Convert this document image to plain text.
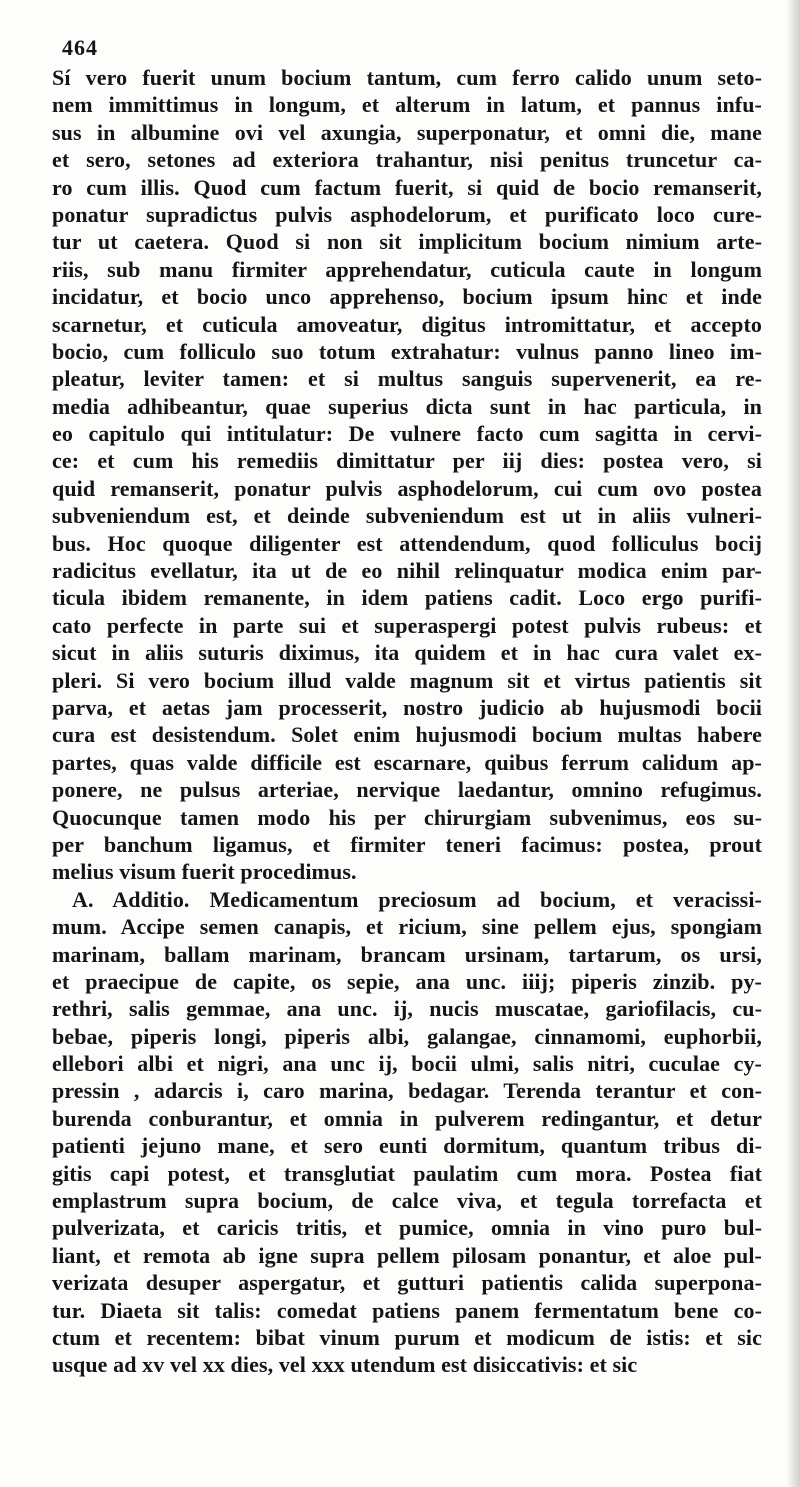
464
Sí vero fuerit unum bocium tantum, cum ferro calido unum seto-
nem immittimus in longum, et alterum in latum, et pannus infu-
sus in albumine ovi vel axungia, superponatur, et omni die, mane
et sero, setones ad exteriora trahantur, nisi penitus truncetur ca-
ro cum illis. Quod cum factum fuerit, si quid de bocio remanserit,
ponatur supradictus pulvis asphodelorum, et purificato loco cure-
tur ut caetera. Quod si non sit implicitum bocium nimium arte-
riis, sub manu firmiter apprehendatur, cuticula caute in longum
incidatur, et bocio unco apprehenso, bocium ipsum hinc et inde
scarnetur, et cuticula amoveatur, digitus intromittatur, et accepto
bocio, cum folliculo suo totum extrahatur: vulnus panno lineo im-
pleatur, leviter tamen: et si multus sanguis supervenerit, ea re-
media adhibeantur, quae superius dicta sunt in hac particula, in
eo capitulo qui intitulatur: De vulnere facto cum sagitta in cervi-
ce: et cum his remediis dimittatur per iij dies: postea vero, si
quid remanserit, ponatur pulvis asphodelorum, cui cum ovo postea
subveniendum est, et deinde subveniendum est ut in aliis vulneri-
bus. Hoc quoque diligenter est attendendum, quod folliculus bocij
radicitus evellatur, ita ut de eo nihil relinquatur modica enim par-
ticula ibidem remanente, in idem patiens cadit. Loco ergo purifi-
cato perfecte in parte sui et superaspergi potest pulvis rubeus: et
sicut in aliis suturis diximus, ita quidem et in hac cura valet ex-
pleri. Si vero bocium illud valde magnum sit et virtus patientis sit
parva, et aetas jam processerit, nostro judicio ab hujusmodi bocii
cura est desistendum. Solet enim hujusmodi bocium multas habere
partes, quas valde difficile est escarnare, quibus ferrum calidum ap-
ponere, ne pulsus arteriae, nervique laedantur, omnino refugimus.
Quocunque tamen modo his per chirurgiam subvenimus, eos su-
per banchum ligamus, et firmiter teneri facimus: postea, prout
melius visum fuerit procedimus.
A. Additio. Medicamentum preciosum ad bocium, et veracissi-
mum. Accipe semen canapis, et ricium, sine pellem ejus, spongiam
marinam, ballam marinam, brancam ursinam, tartarum, os ursi,
et praecipue de capite, os sepie, ana unc. iiij; piperis zinzib. py-
rethri, salis gemmae, ana unc. ij, nucis muscatae, gariofilacis, cu-
bebae, piperis longi, piperis albi, galangae, cinnamomi, euphorbii,
ellebori albi et nigri, ana unc ij, bocii ulmi, salis nitri, cuculae cy-
pressin , adarcis i, caro marina, bedagar. Terenda terantur et con-
burenda conburantur, et omnia in pulverem redingantur, et detur
patienti jejuno mane, et sero eunti dormitum, quantum tribus di-
gitis capi potest, et transglutiat paulatim cum mora. Postea fiat
emplastrum supra bocium, de calce viva, et tegula torrefacta et
pulverizata, et caricis tritis, et pumice, omnia in vino puro bul-
liant, et remota ab igne supra pellem pilosam ponantur, et aloe pul-
verizata desuper aspergatur, et gutturi patientis calida superpona-
tur. Diaeta sit talis: comedat patiens panem fermentatum bene co-
ctum et recentem: bibat vinum purum et modicum de istis: et sic
usque ad xv vel xx dies, vel xxx utendum est disiccativis: et sic
